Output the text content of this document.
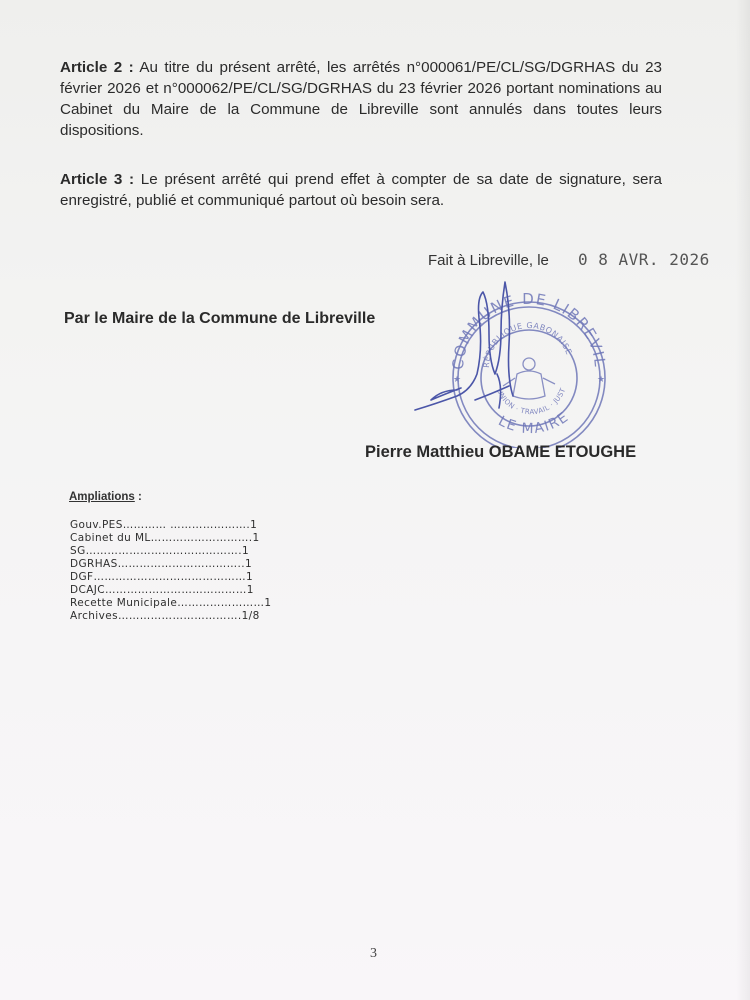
Article 2 : Au titre du présent arrêté, les arrêtés n°000061/PE/CL/SG/DGRHAS du 23 février 2026 et n°000062/PE/CL/SG/DGRHAS du 23 février 2026 portant nominations au Cabinet du Maire de la Commune de Libreville sont annulés dans toutes leurs dispositions.

Article 3 : Le présent arrêté qui prend effet à compter de sa date de signature, sera enregistré, publié et communiqué partout où besoin sera.

Fait à Libreville, le 0 8 AVR. 2026
Par le Maire de la Commune de Libreville
COMMUNE DE LIBREVIL
RÉPUBLIQUE GABONAISE
UNION · TRAVAIL · JUST
LE MAIRE
★	★
Pierre Matthieu OBAME ETOUGHE
Ampliations :
Gouv.PES………… ………………….1
Cabinet du ML……………………….1
SG…………………………………….1
DGRHAS……………………………..1
DGF……………………………………1
DCAJC…………………………………1
Recette Municipale……………………1
Archives…………………………….1/8
3
